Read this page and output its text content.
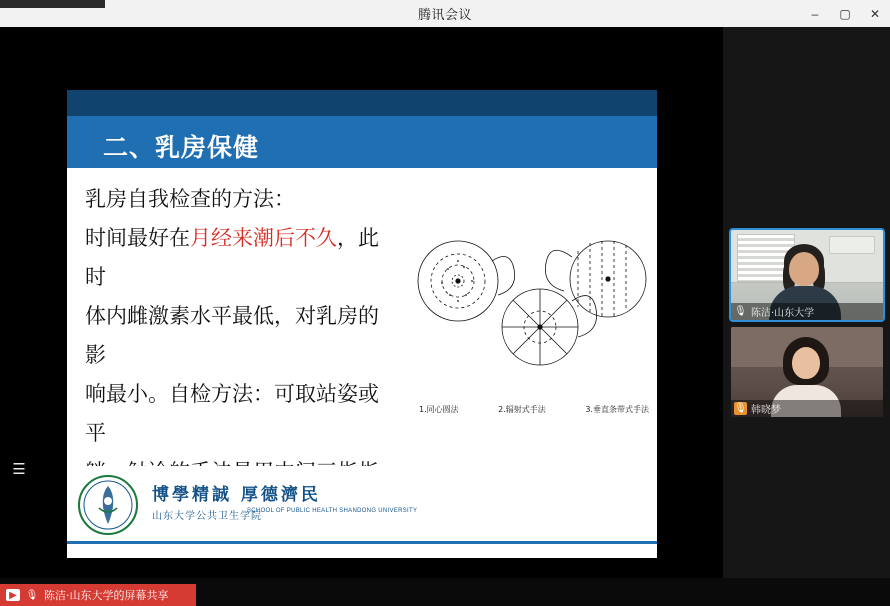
腾讯会议	–	▢	✕
☰
二、乳房保健

乳房自我检查的方法：

时间最好在月经来潮后不久，此时

体内雌激素水平最低，对乳房的影

响最小。自检方法：可取站姿或平

1.同心圆法	2.辐射式手法	3.垂直条带式手法
博學精誠 厚德濟民
山东大学公共卫生学院
SCHOOL OF PUBLIC HEALTH SHANDONG UNIVERSITY
🎙 陈洁·山东大学
🎙 韩晓梦
▶ 🎙 陈洁·山东大学的屏幕共享
